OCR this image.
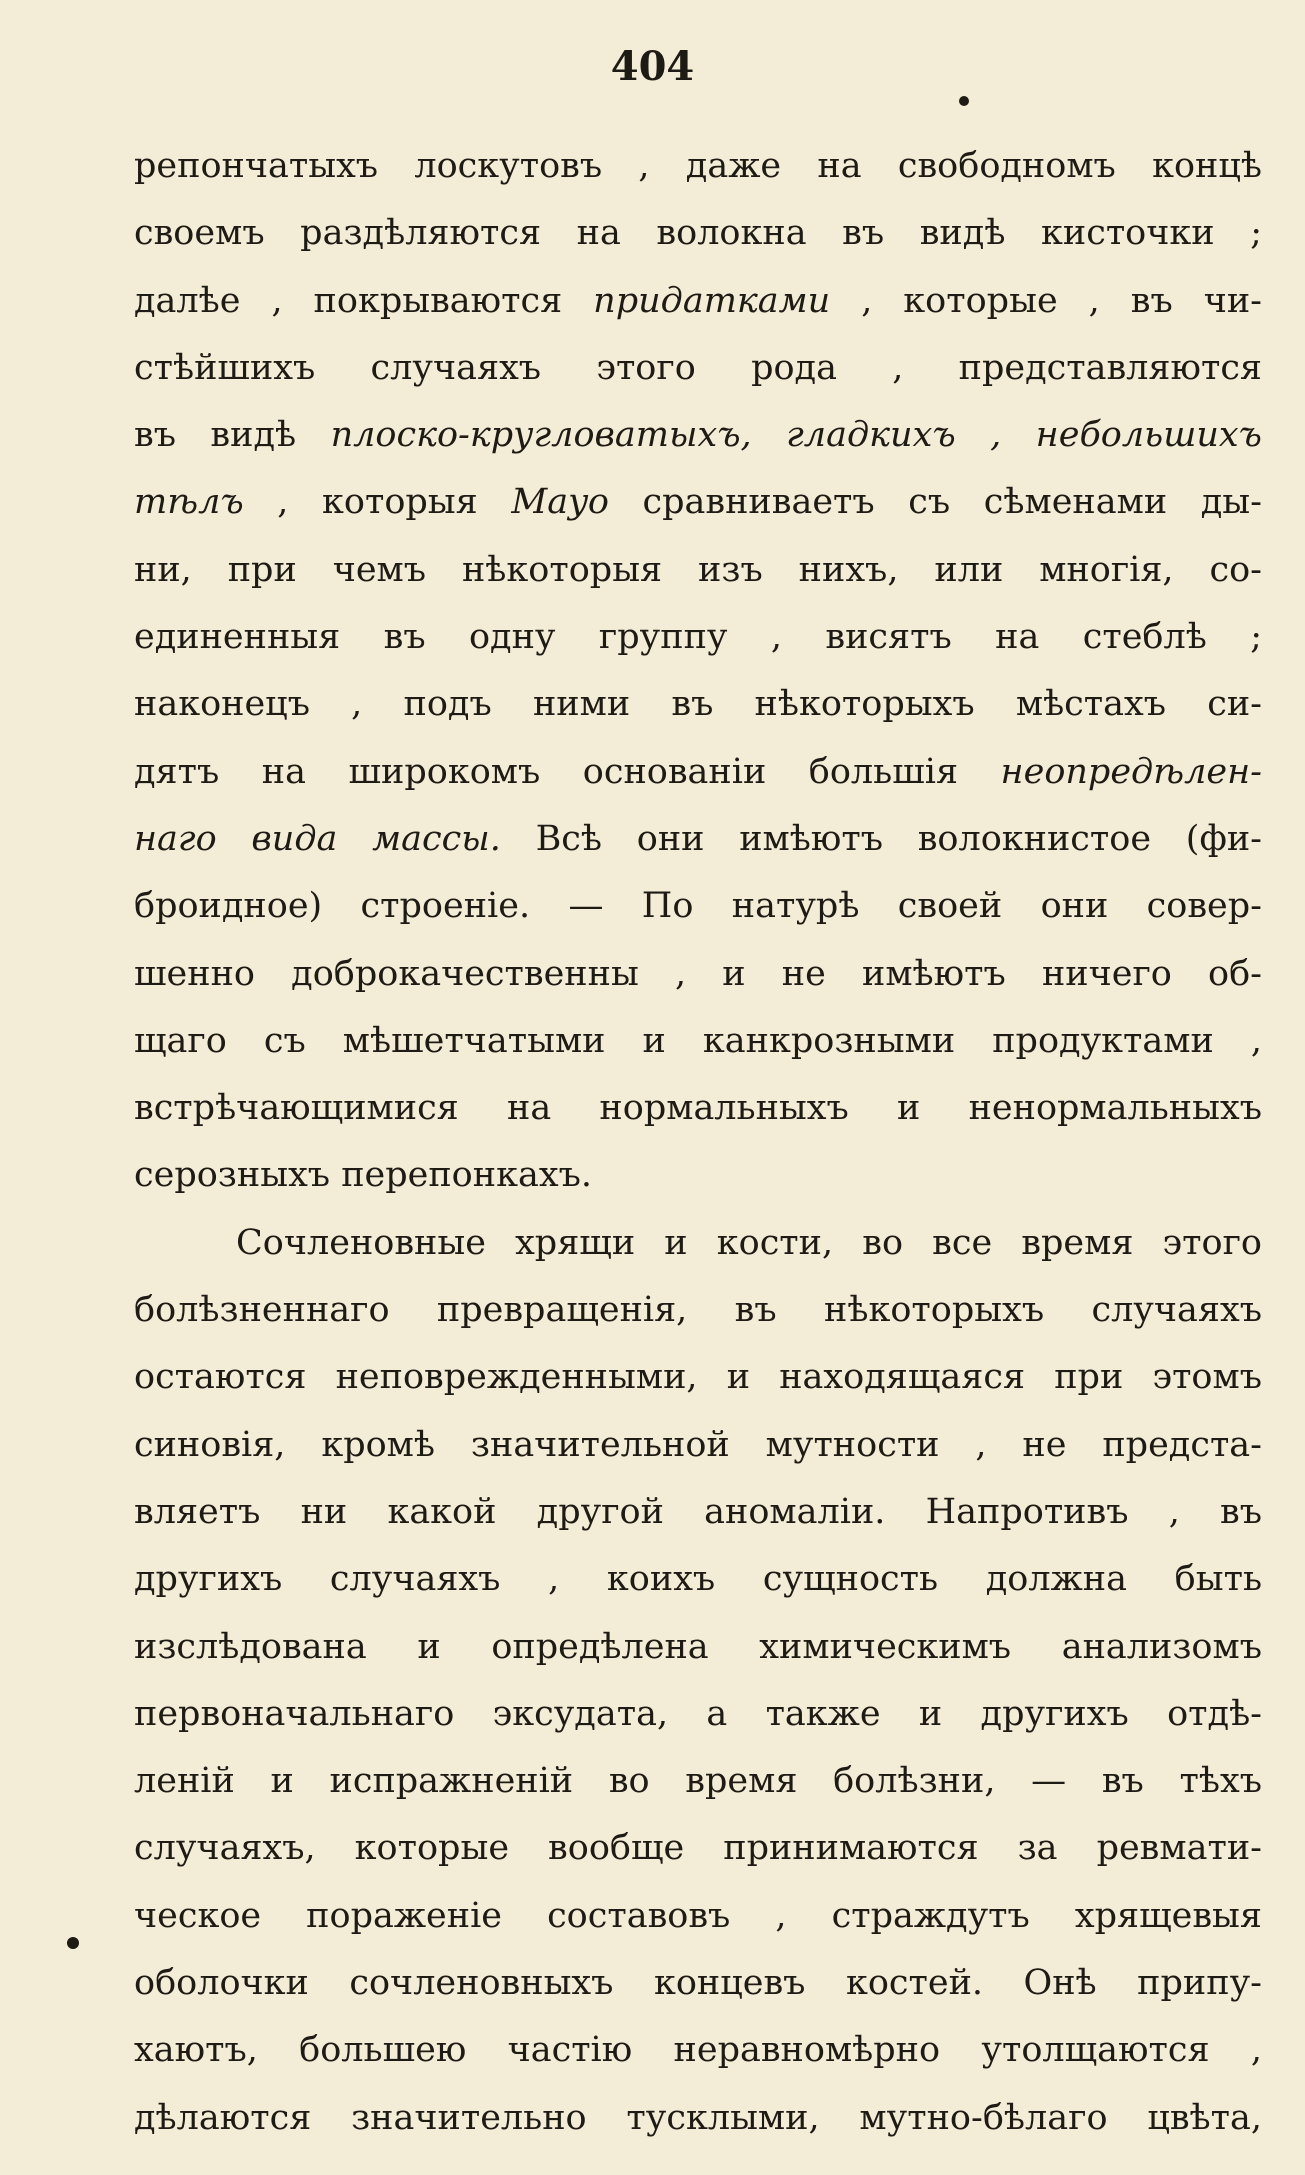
404
репончатыхъ лоскутовъ , даже на свободномъ концѣ
своемъ раздѣляются на волокна въ видѣ кисточки ;
далѣе , покрываются придатками , которые , въ чи-
стѣйшихъ случаяхъ этого рода , представляются
въ видѣ плоско-кругловатыхъ, гладкихъ , небольшихъ
тѣлъ , которыя Mayo сравниваетъ съ сѣменами ды-
ни, при чемъ нѣкоторыя изъ нихъ, или многія, со-
единенныя въ одну группу , висятъ на стеблѣ ;
наконецъ , подъ ними въ нѣкоторыхъ мѣстахъ си-
дятъ на широкомъ основаніи большія неопредѣлен-
наго вида массы. Всѣ они имѣютъ волокнистое (фи-
броидное) строеніе. — По натурѣ своей они совер-
шенно доброкачественны , и не имѣютъ ничего об-
щаго съ мѣшетчатыми и канкрозными продуктами ,
встрѣчающимися на нормальныхъ и ненормальныхъ
серозныхъ перепонкахъ.
Сочленовные хрящи и кости, во все время этого
болѣзненнаго превращенія, въ нѣкоторыхъ случаяхъ
остаются неповрежденными, и находящаяся при этомъ
синовія, кромѣ значительной мутности , не предста-
вляетъ ни какой другой аномаліи. Напротивъ , въ
другихъ случаяхъ , коихъ сущность должна быть
изслѣдована и опредѣлена химическимъ анализомъ
первоначальнаго эксудата, а также и другихъ отдѣ-
леній и испражненій во время болѣзни, — въ тѣхъ
случаяхъ, которые вообще принимаются за ревмати-
ческое пораженіе составовъ , страждутъ хрящевыя
оболочки сочленовныхъ концевъ костей. Онѣ припу-
хаютъ, большею частію неравномѣрно утолщаются ,
дѣлаются значительно тусклыми, мутно-бѣлаго цвѣта,
